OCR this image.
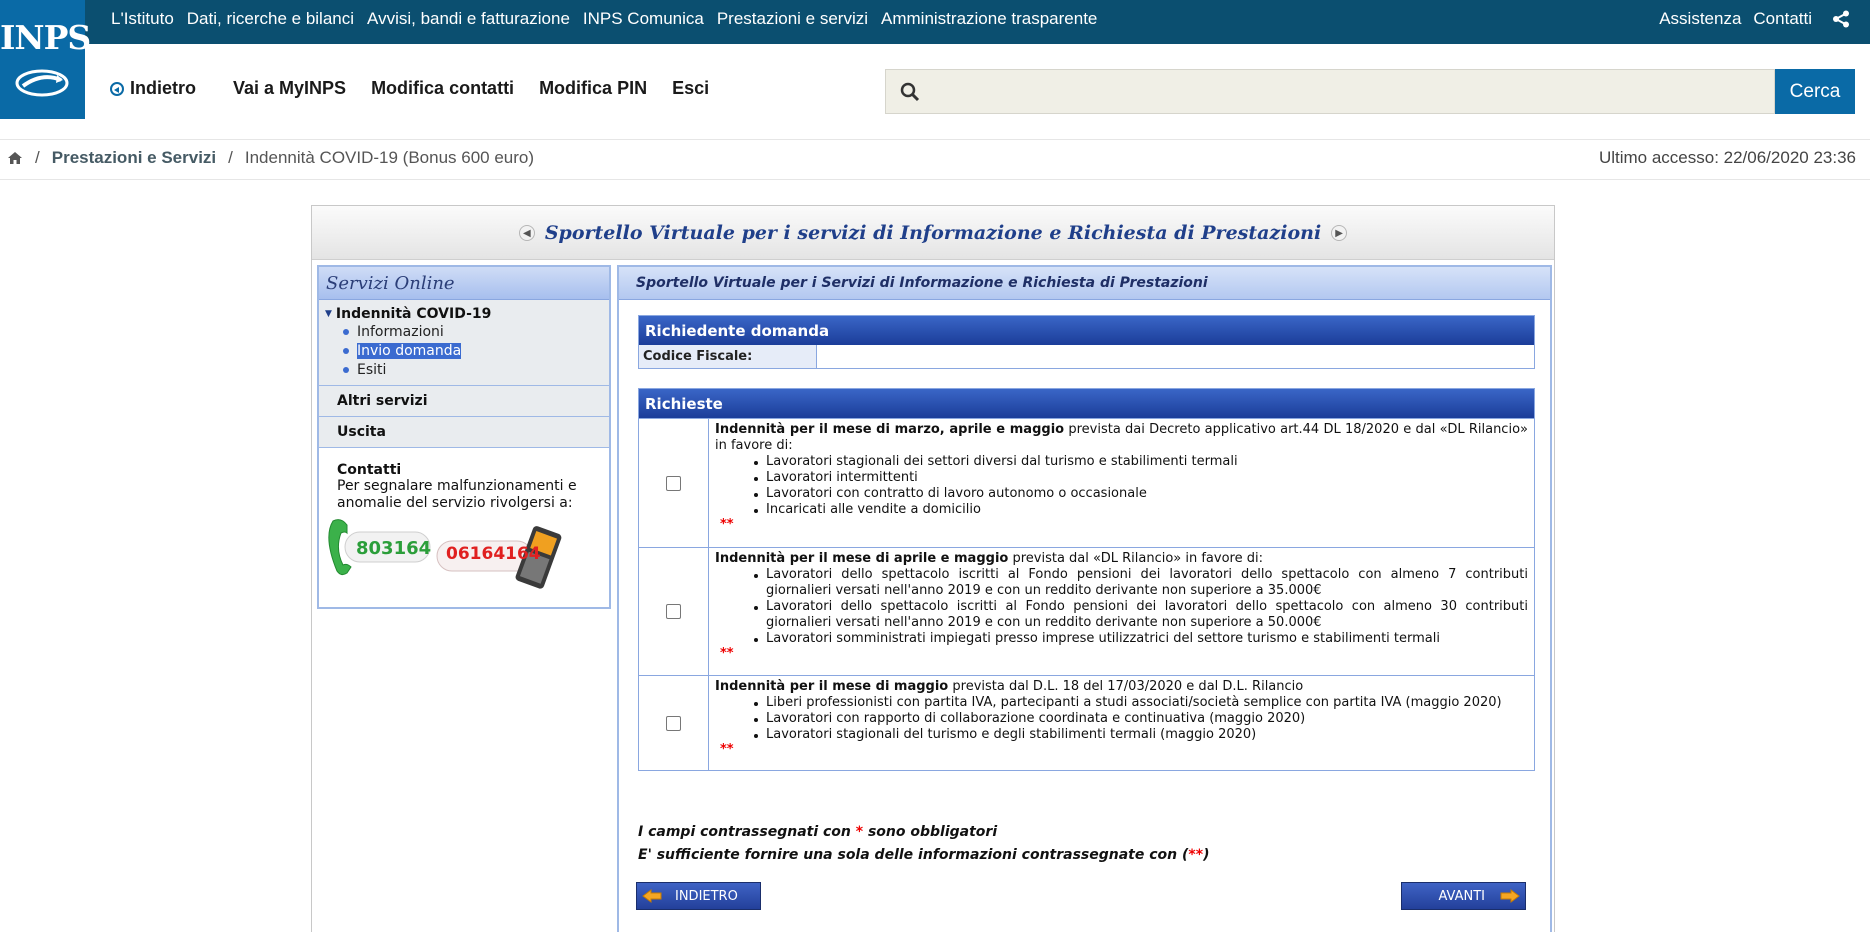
INPS L'Istituto Dati, ricerche e bilanci Avvisi, bandi e fatturazione INPS Comunica Prestazioni e servizi Amministrazione trasparente	Assistenza Contatti
Indietro Vai a MyINPS Modifica contatti Modifica PIN Esci	Cerca
/ Prestazioni e Servizi / Indennità COVID-19 (Bonus 600 euro)	Ultimo accesso: 22/06/2020 23:36
◀ Sportello Virtuale per i servizi di Informazione e Richiesta di Prestazioni	▶
Servizi Online
▼ Indennità COVID-19
Informazioni
Invio domanda
Esiti
Altri servizi
Uscita
Contatti
Per segnalare malfunzionamenti e anomalie del servizio rivolgersi a:
803164 06164164
Sportello Virtuale per i Servizi di Informazione e Richiesta di Prestazioni
Richiedente domanda
Codice Fiscale:
Richieste
Indennità per il mese di marzo, aprile e maggio prevista dai Decreto applicativo art.44 DL 18/2020 e dal «DL Rilancio» in favore di:
Lavoratori stagionali dei settori diversi dal turismo e stabilimenti termali
Lavoratori intermittenti
Lavoratori con contratto di lavoro autonomo o occasionale
Incaricati alle vendite a domicilio
**
Indennità per il mese di aprile e maggio prevista dal «DL Rilancio» in favore di:
Lavoratori dello spettacolo iscritti al Fondo pensioni dei lavoratori dello spettacolo con almeno 7 contributi giornalieri versati nell'anno 2019 e con un reddito derivante non superiore a 35.000€
Lavoratori dello spettacolo iscritti al Fondo pensioni dei lavoratori dello spettacolo con almeno 30 contributi giornalieri versati nell'anno 2019 e con un reddito derivante non superiore a 50.000€
Lavoratori somministrati impiegati presso imprese utilizzatrici del settore turismo e stabilimenti termali
**
Indennità per il mese di maggio prevista dal D.L. 18 del 17/03/2020 e dal D.L. Rilancio
Liberi professionisti con partita IVA, partecipanti a studi associati/società semplice con partita IVA (maggio 2020)
Lavoratori con rapporto di collaborazione coordinata e continuativa (maggio 2020)
Lavoratori stagionali del turismo e degli stabilimenti termali (maggio 2020)
**
I campi contrassegnati con * sono obbligatori
E' sufficiente fornire una sola delle informazioni contrassegnate con (**)
INDIETRO	AVANTI
